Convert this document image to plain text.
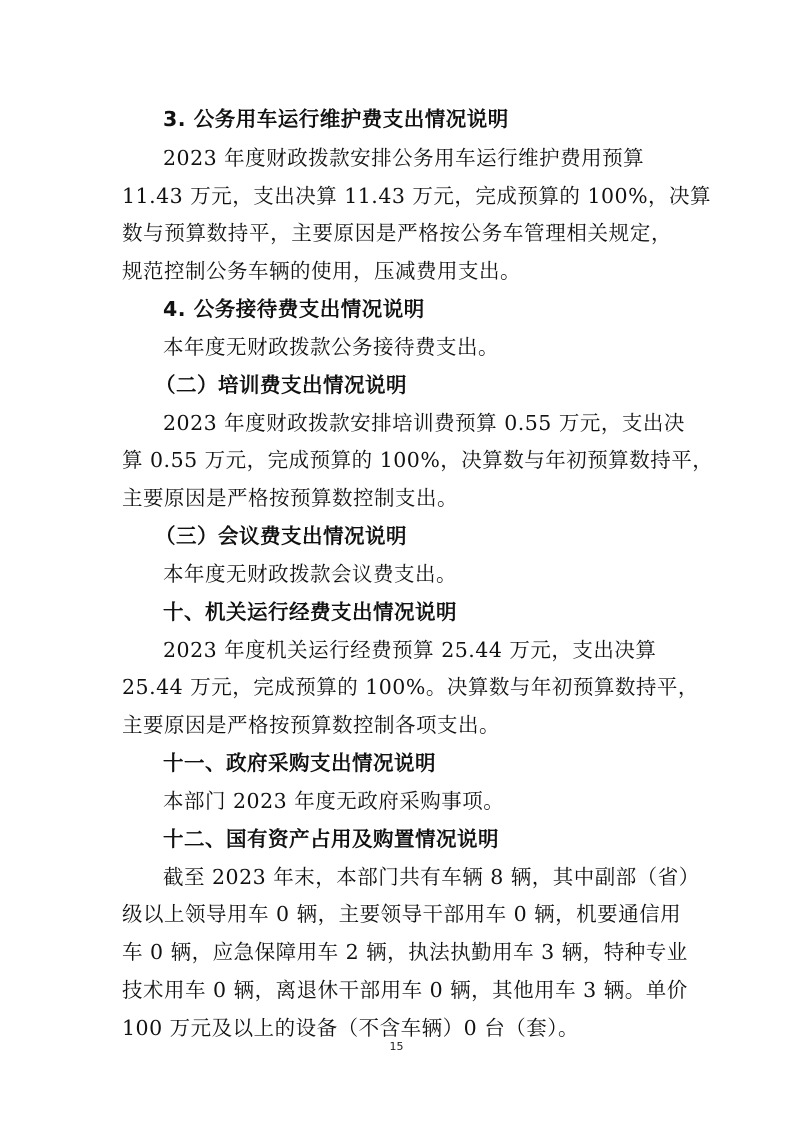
3. 公务用车运行维护费支出情况说明
2023 年度财政拨款安排公务用车运行维护费用预算
11.43 万元，支出决算 11.43 万元，完成预算的 100%，决算
数与预算数持平，主要原因是严格按公务车管理相关规定，
规范控制公务车辆的使用，压减费用支出。
4. 公务接待费支出情况说明
本年度无财政拨款公务接待费支出。
（二）培训费支出情况说明
2023 年度财政拨款安排培训费预算 0.55 万元，支出决
算 0.55 万元，完成预算的 100%，决算数与年初预算数持平，
主要原因是严格按预算数控制支出。
（三）会议费支出情况说明
本年度无财政拨款会议费支出。
十、机关运行经费支出情况说明
2023 年度机关运行经费预算 25.44 万元，支出决算
25.44 万元，完成预算的 100%。决算数与年初预算数持平，
主要原因是严格按预算数控制各项支出。
十一、政府采购支出情况说明
本部门 2023 年度无政府采购事项。
十二、国有资产占用及购置情况说明
截至 2023 年末，本部门共有车辆 8 辆，其中副部（省）
级以上领导用车 0 辆，主要领导干部用车 0 辆，机要通信用
车 0 辆，应急保障用车 2 辆，执法执勤用车 3 辆，特种专业
技术用车 0 辆，离退休干部用车 0 辆，其他用车 3 辆。单价
100 万元及以上的设备（不含车辆）0 台（套）。
15
